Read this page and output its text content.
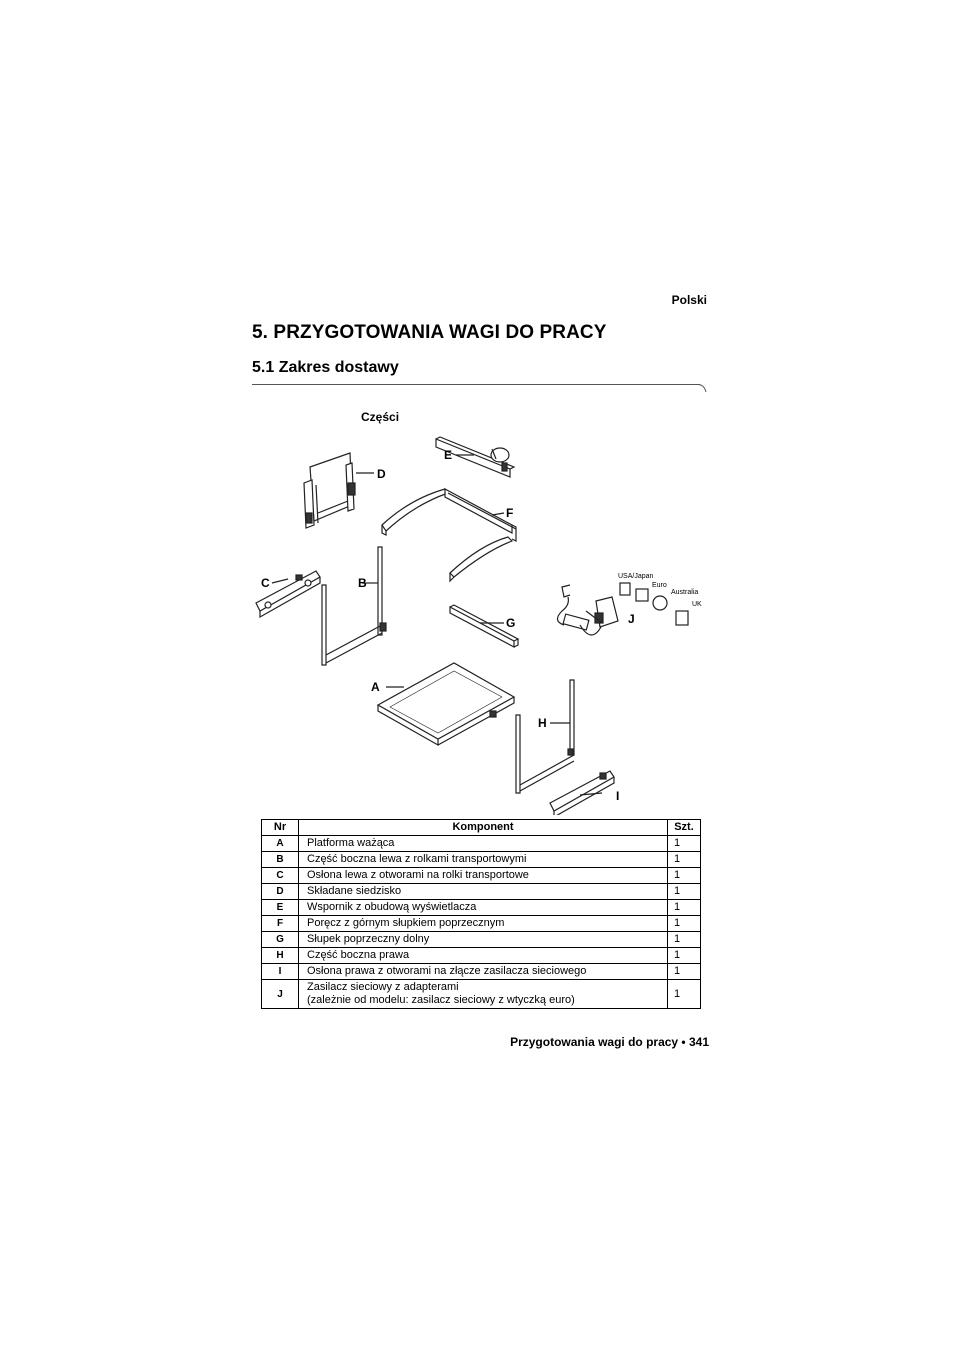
Polski
5. PRZYGOTOWANIA WAGI DO PRACY
5.1 Zakres dostawy
Części
D
E
F
C	B
G	J
A
H
I
USA/Japan
Euro
Australia
UK
Nr	Komponent	Szt.
A	Platforma ważąca	1
B	Część boczna lewa z rolkami transportowymi	1
C	Osłona lewa z otworami na rolki transportowe	1
D	Składane siedzisko	1
E	Wspornik z obudową wyświetlacza	1
F	Poręcz z górnym słupkiem poprzecznym	1
G	Słupek poprzeczny dolny	1
H	Część boczna prawa	1
I	Osłona prawa z otworami na złącze zasilacza sieciowego	1
J	Zasilacz sieciowy z adapterami
(zależnie od modelu: zasilacz sieciowy z wtyczką euro)	1
Przygotowania wagi do pracy • 341
